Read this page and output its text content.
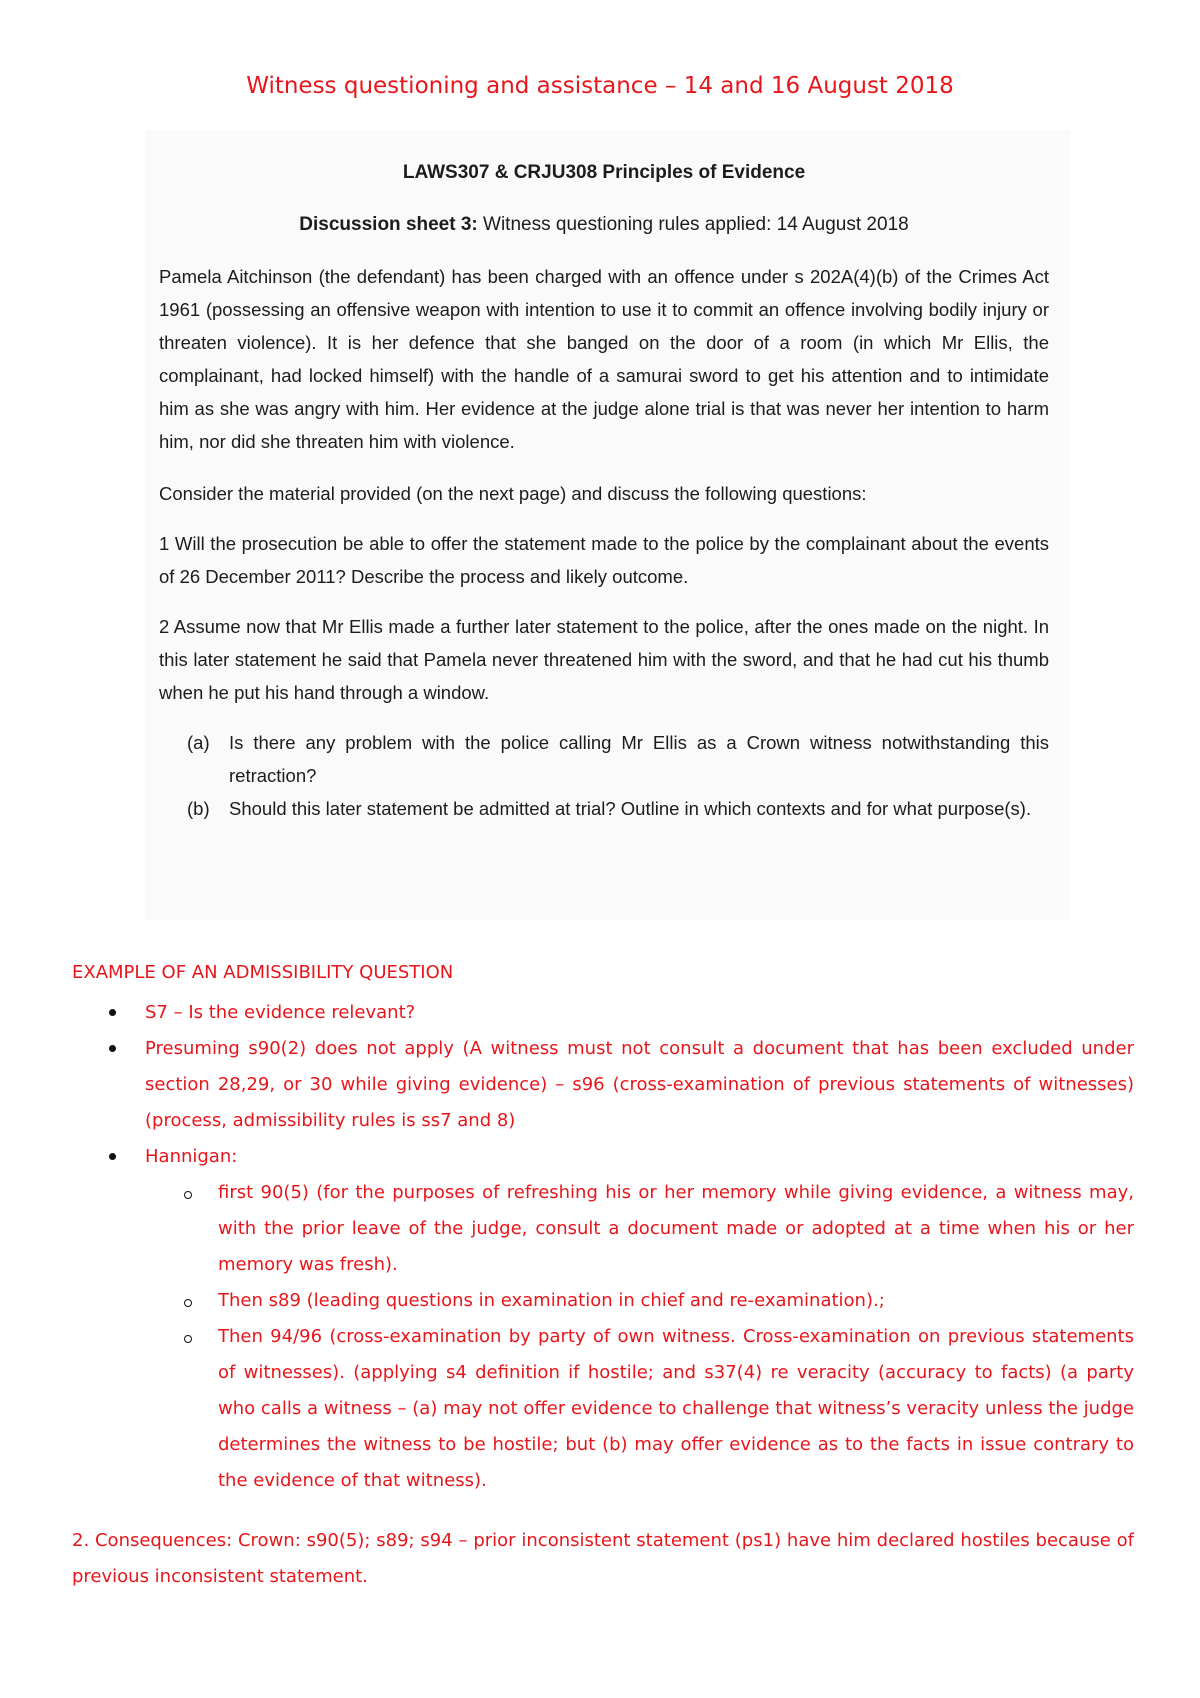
Witness questioning and assistance – 14 and 16 August 2018

LAWS307 & CRJU308 Principles of Evidence

Discussion sheet 3: Witness questioning rules applied: 14 August 2018

Pamela Aitchinson (the defendant) has been charged with an offence under s 202A(4)(b) of the Crimes Act 1961 (possessing an offensive weapon with intention to use it to commit an offence involving bodily injury or threaten violence). It is her defence that she banged on the door of a room (in which Mr Ellis, the complainant, had locked himself) with the handle of a samurai sword to get his attention and to intimidate him as she was angry with him. Her evidence at the judge alone trial is that was never her intention to harm him, nor did she threaten him with violence.

Consider the material provided (on the next page) and discuss the following questions:

1 Will the prosecution be able to offer the statement made to the police by the complainant about the events of 26 December 2011? Describe the process and likely outcome.

2 Assume now that Mr Ellis made a further later statement to the police, after the ones made on the night. In this later statement he said that Pamela never threatened him with the sword, and that he had cut his thumb when he put his hand through a window.

(a) Is there any problem with the police calling Mr Ellis as a Crown witness notwithstanding this retraction?
(b) Should this later statement be admitted at trial? Outline in which contexts and for what purpose(s).

EXAMPLE OF AN ADMISSIBILITY QUESTION

S7 – Is the evidence relevant?
Presuming s90(2) does not apply (A witness must not consult a document that has been excluded under section 28,29, or 30 while giving evidence) – s96 (cross-examination of previous statements of witnesses)(process, admissibility rules is ss7 and 8)
Hannigan:
first 90(5) (for the purposes of refreshing his or her memory while giving evidence, a witness may, with the prior leave of the judge, consult a document made or adopted at a time when his or her memory was fresh).
Then s89 (leading questions in examination in chief and re-examination).;
Then 94/96 (cross-examination by party of own witness. Cross-examination on previous statements of witnesses). (applying s4 definition if hostile; and s37(4) re veracity (accuracy to facts) (a party who calls a witness – (a) may not offer evidence to challenge that witness’s veracity unless the judge determines the witness to be hostile; but (b) may offer evidence as to the facts in issue contrary to the evidence of that witness).

2. Consequences: Crown: s90(5); s89; s94 – prior inconsistent statement (ps1) have him declared hostiles because of previous inconsistent statement.
